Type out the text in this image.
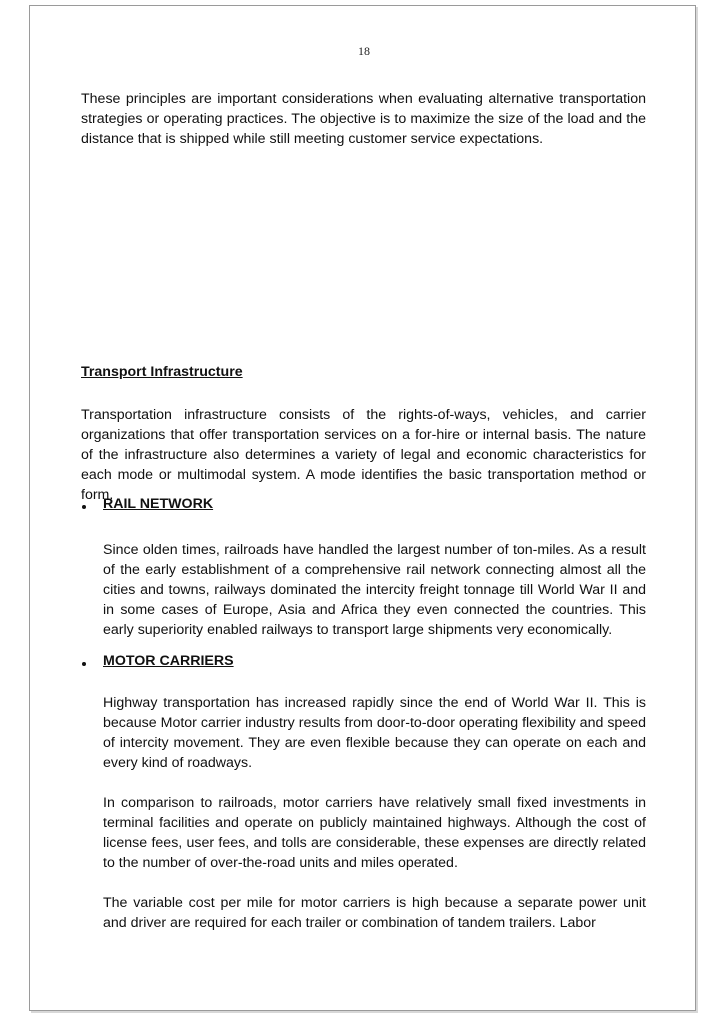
18

These principles are important considerations when evaluating alternative transportation strategies or operating practices. The objective is to maximize the size of the load and the distance that is shipped while still meeting customer service expectations.

Transport Infrastructure

Transportation infrastructure consists of the rights-of-ways, vehicles, and carrier organizations that offer transportation services on a for-hire or internal basis. The nature of the infrastructure also determines a variety of legal and economic characteristics for each mode or multimodal system. A mode identifies the basic transportation method or form.

RAIL NETWORK

Since olden times, railroads have handled the largest number of ton-miles. As a result of the early establishment of a comprehensive rail network connecting almost all the cities and towns, railways dominated the intercity freight tonnage till World War II and in some cases of Europe, Asia and Africa they even connected the countries. This early superiority enabled railways to transport large shipments very economically.

MOTOR CARRIERS

Highway transportation has increased rapidly since the end of World War II. This is because Motor carrier industry results from door-to-door operating flexibility and speed of intercity movement. They are even flexible because they can operate on each and every kind of roadways.

In comparison to railroads, motor carriers have relatively small fixed investments in terminal facilities and operate on publicly maintained highways. Although the cost of license fees, user fees, and tolls are considerable, these expenses are directly related to the number of over-the-road units and miles operated.

The variable cost per mile for motor carriers is high because a separate power unit and driver are required for each trailer or combination of tandem trailers. Labor
